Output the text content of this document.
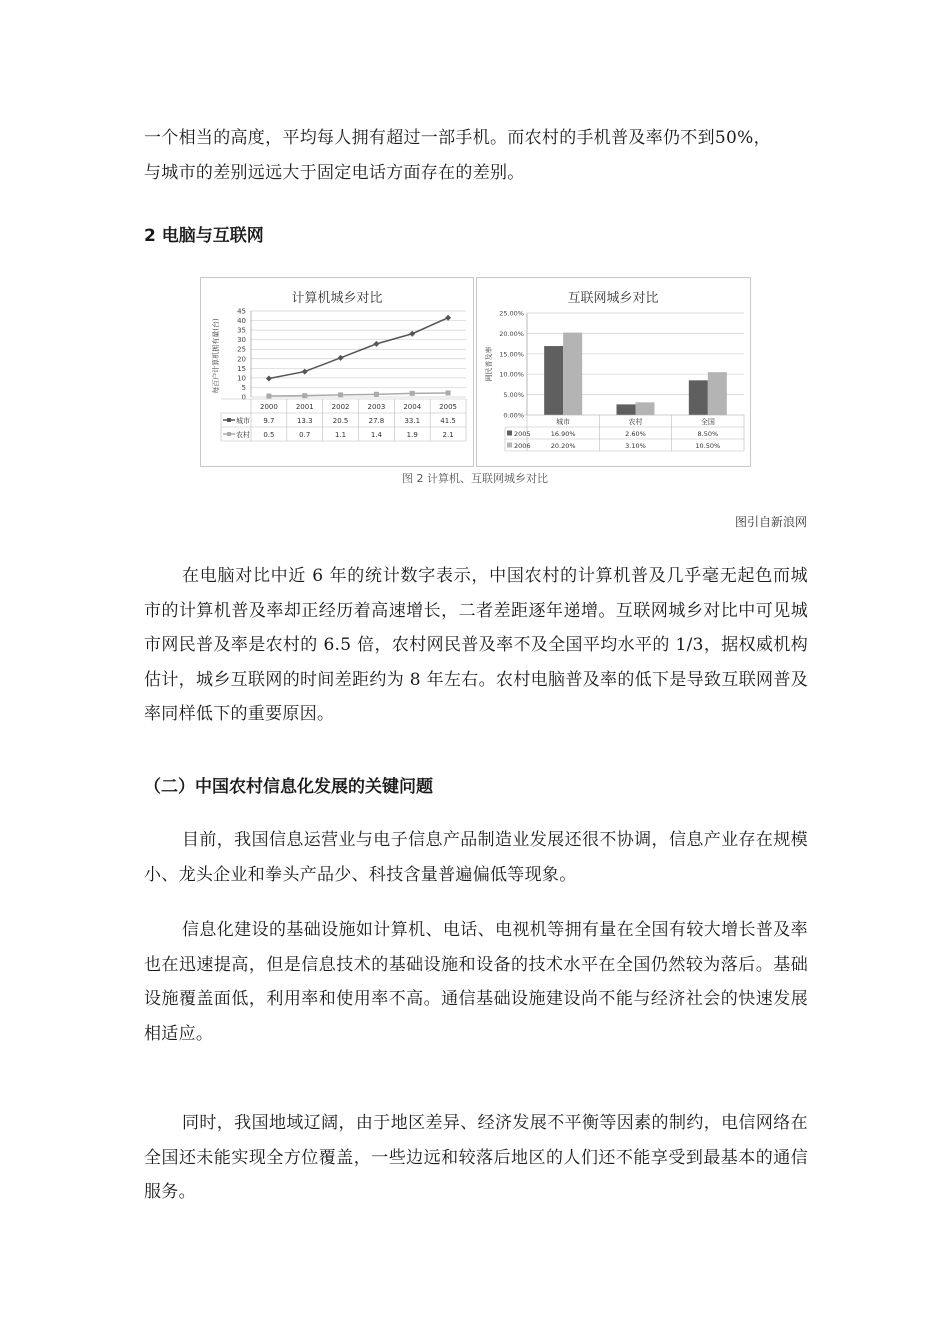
一个相当的高度，平均每人拥有超过一部手机。而农村的手机普及率仍不到50%，
与城市的差别远远大于固定电话方面存在的差别。

2 电脑与互联网
计算机城乡对比
每百户计算机拥有量(台)
0
5
10
15
20
25
30
35
40
45
2000	2001	2002	2003	2004	2005
城市 9.7	13.3	20.5	27.8	33.1	41.5
农村 0.5	0.7	1.1	1.4	1.9	2.1
互联网城乡对比
网民普及率
0.00%
5.00%
10.00%
15.00%
20.00%
25.00%
城市	农村	全国
2005	16.90%	2.60%	8.50%
2006	20.20%	3.10%	10.50%
图 2 计算机、互联网城乡对比
图引自新浪网

在电脑对比中近 6 年的统计数字表示，中国农村的计算机普及几乎毫无起色而城市的计算机普及率却正经历着高速增长，二者差距逐年递增。互联网城乡对比中可见城市网民普及率是农村的 6.5 倍，农村网民普及率不及全国平均水平的 1/3，据权威机构估计，城乡互联网的时间差距约为 8 年左右。农村电脑普及率的低下是导致互联网普及率同样低下的重要原因。

（二）中国农村信息化发展的关键问题

目前，我国信息运营业与电子信息产品制造业发展还很不协调，信息产业存在规模小、龙头企业和拳头产品少、科技含量普遍偏低等现象。

信息化建设的基础设施如计算机、电话、电视机等拥有量在全国有较大增长普及率也在迅速提高，但是信息技术的基础设施和设备的技术水平在全国仍然较为落后。基础设施覆盖面低，利用率和使用率不高。通信基础设施建设尚不能与经济社会的快速发展相适应。

同时，我国地域辽阔，由于地区差异、经济发展不平衡等因素的制约，电信网络在全国还未能实现全方位覆盖，一些边远和较落后地区的人们还不能享受到最基本的通信服务。
